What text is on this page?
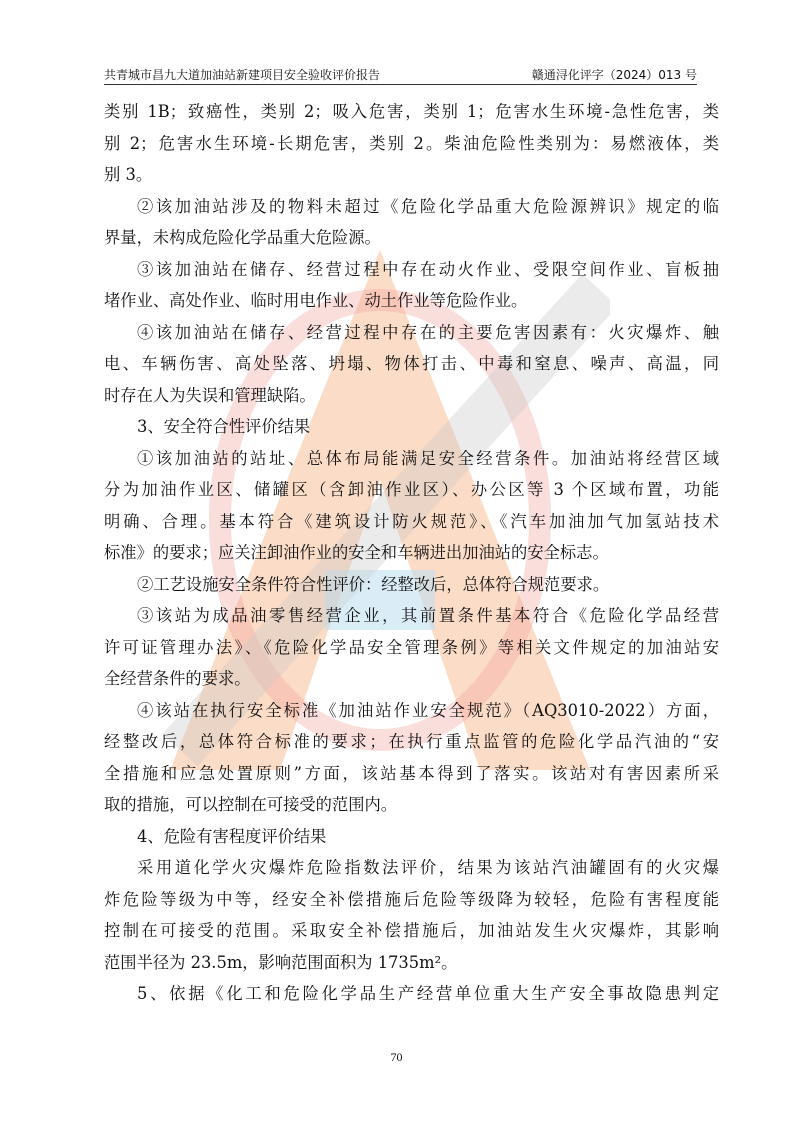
共青城市昌九大道加油站新建项目安全验收评价报告	赣通浔化评字（2024）013 号
类别 1B；致癌性，类别 2；吸入危害，类别 1；危害水生环境-急性危害，类
别 2；危害水生环境-长期危害，类别 2。柴油危险性类别为：易燃液体，类
别 3。
②该加油站涉及的物料未超过《危险化学品重大危险源辨识》规定的临
界量，未构成危险化学品重大危险源。
③该加油站在储存、经营过程中存在动火作业、受限空间作业、盲板抽
堵作业、高处作业、临时用电作业、动土作业等危险作业。
④该加油站在储存、经营过程中存在的主要危害因素有：火灾爆炸、触
电、车辆伤害、高处坠落、坍塌、物体打击、中毒和窒息、噪声、高温，同
时存在人为失误和管理缺陷。
3、安全符合性评价结果
①该加油站的站址、总体布局能满足安全经营条件。加油站将经营区域
分为加油作业区、储罐区（含卸油作业区）、办公区等 3 个区域布置，功能
明确、合理。基本符合《建筑设计防火规范》、《汽车加油加气加氢站技术
标准》的要求；应关注卸油作业的安全和车辆进出加油站的安全标志。
②工艺设施安全条件符合性评价：经整改后，总体符合规范要求。
③该站为成品油零售经营企业，其前置条件基本符合《危险化学品经营
许可证管理办法》、《危险化学品安全管理条例》等相关文件规定的加油站安
全经营条件的要求。
④该站在执行安全标准《加油站作业安全规范》（AQ3010-2022）方面，
经整改后，总体符合标准的要求；在执行重点监管的危险化学品汽油的“安
全措施和应急处置原则”方面，该站基本得到了落实。该站对有害因素所采
取的措施，可以控制在可接受的范围内。
4、危险有害程度评价结果
采用道化学火灾爆炸危险指数法评价，结果为该站汽油罐固有的火灾爆
炸危险等级为中等，经安全补偿措施后危险等级降为较轻，危险有害程度能
控制在可接受的范围。采取安全补偿措施后，加油站发生火灾爆炸，其影响
范围半径为 23.5m，影响范围面积为 1735m²。
5、依据《化工和危险化学品生产经营单位重大生产安全事故隐患判定
70
